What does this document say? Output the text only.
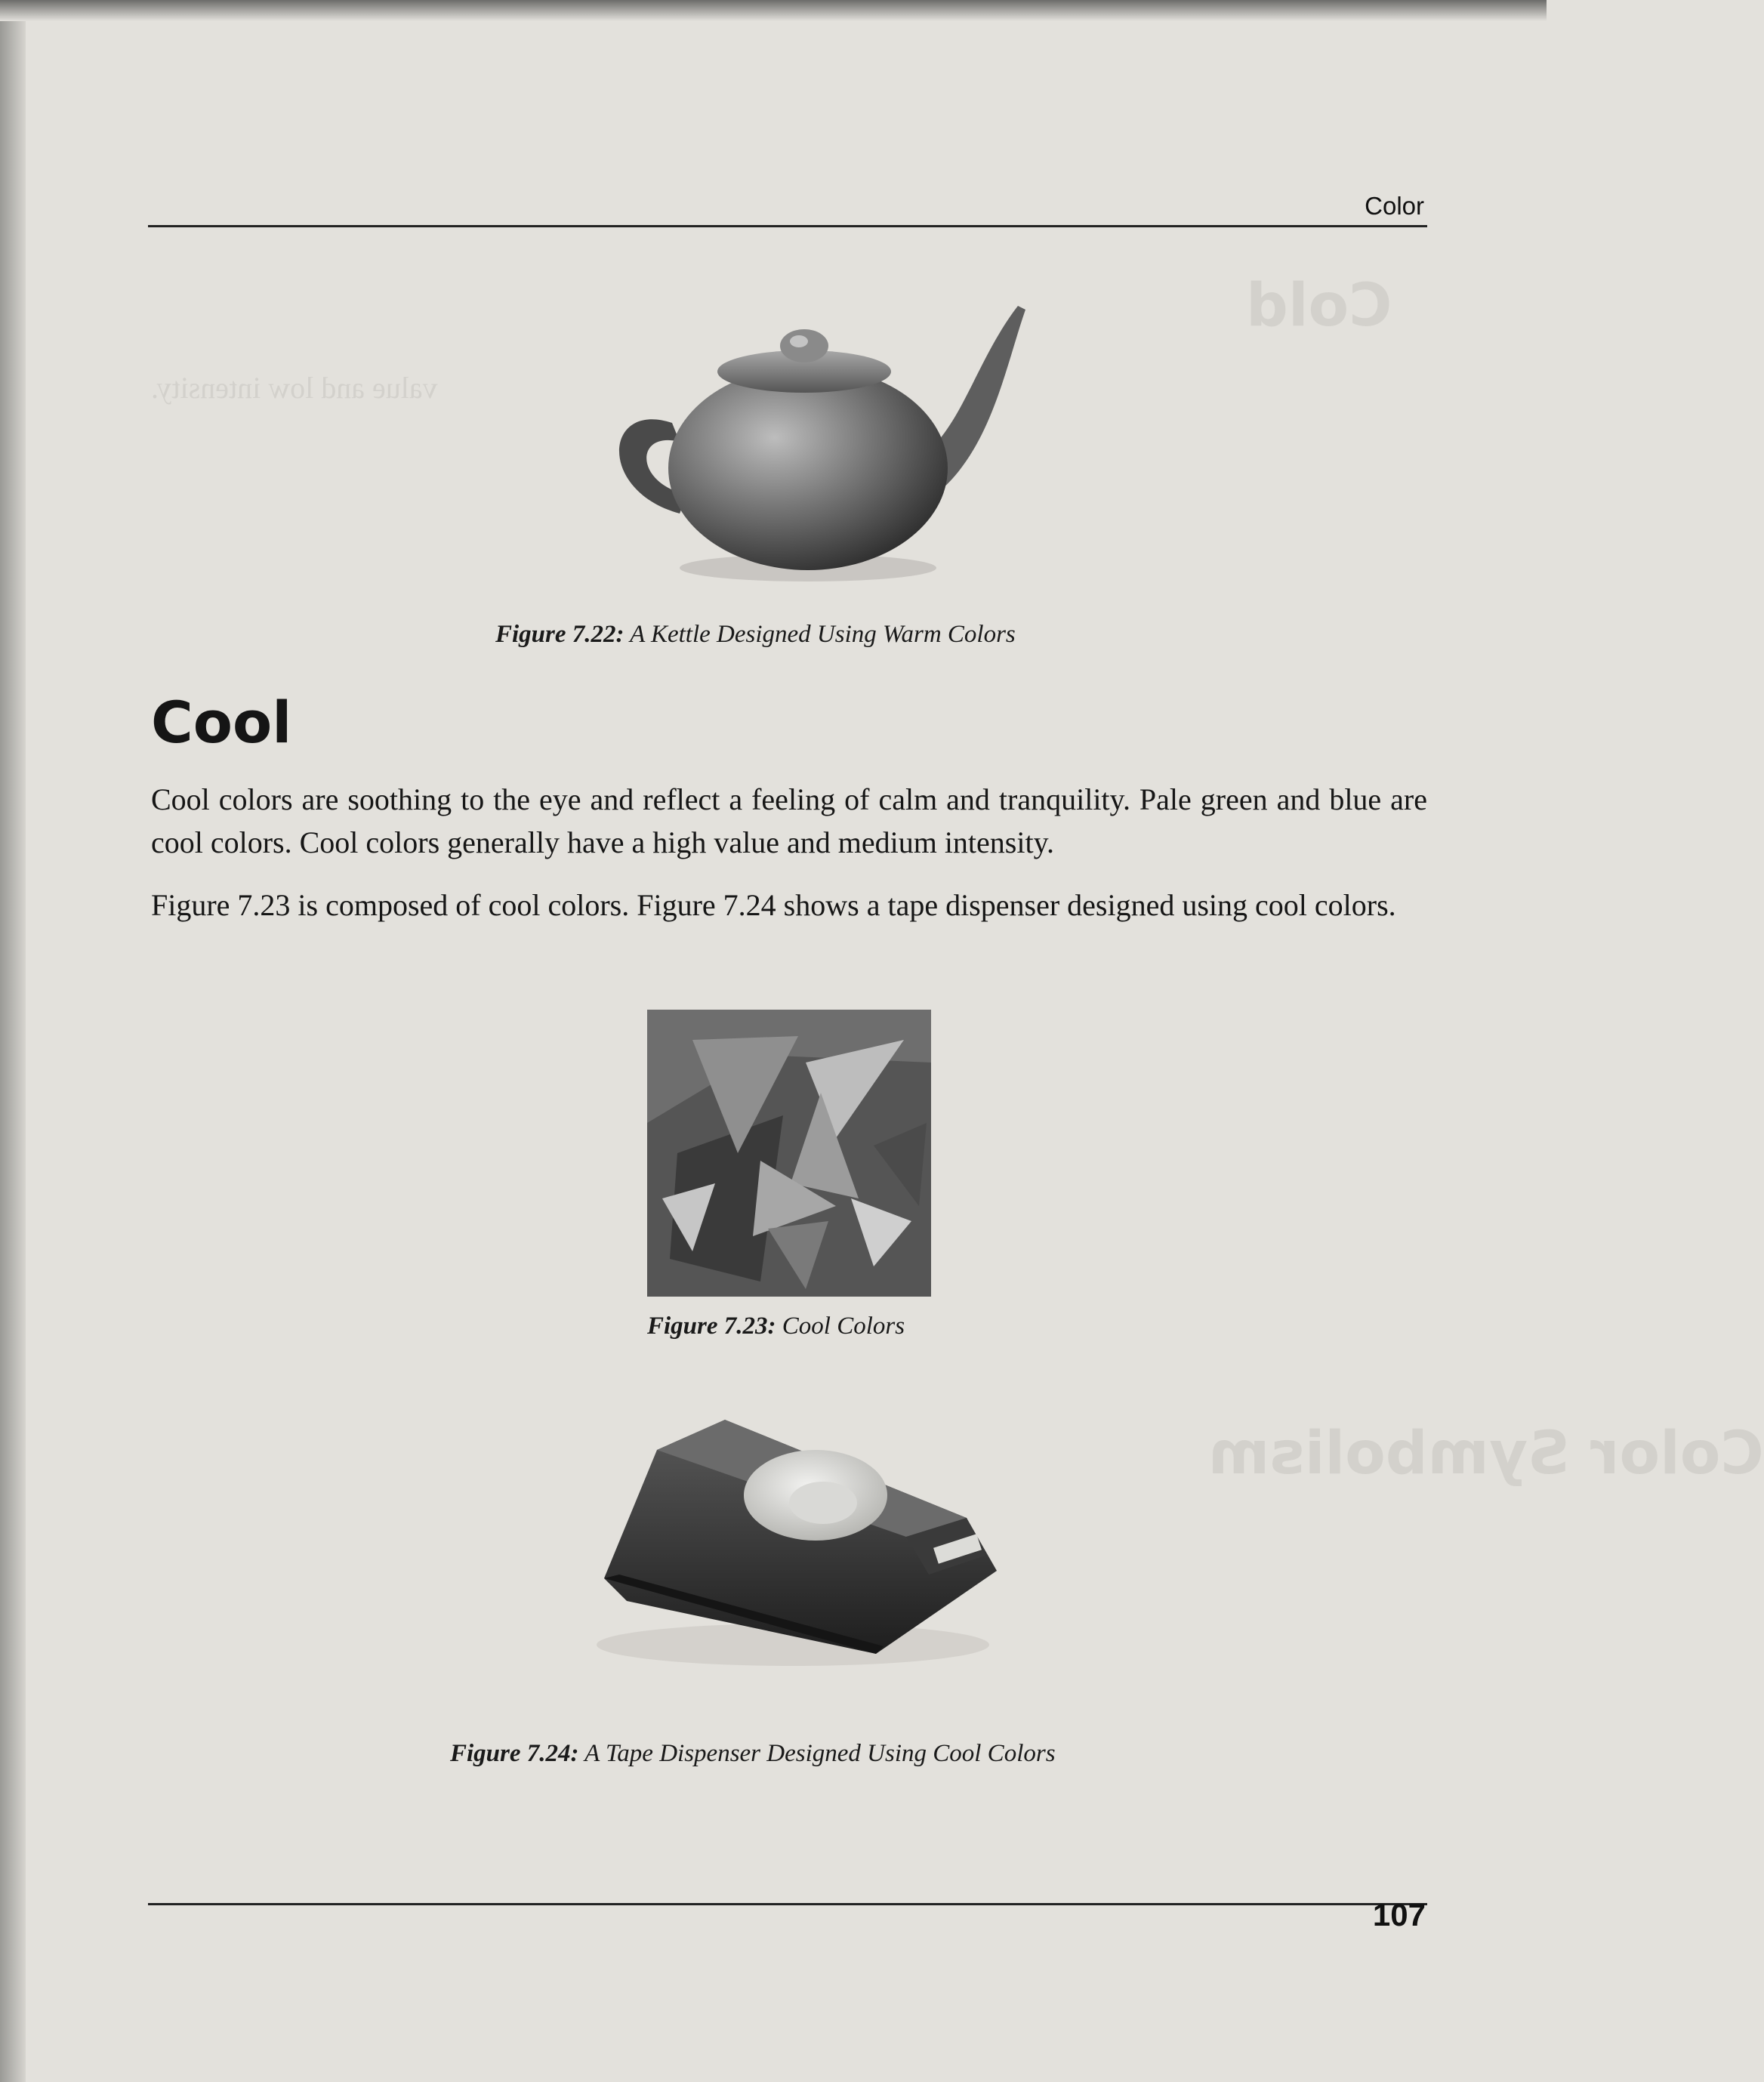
value and low intensity.
Color Symbolism
Cold
Color
Figure 7.22: A Kettle Designed Using Warm Colors
Cool
Cool colors are soothing to the eye and reflect a feeling of calm and tranquility. Pale green and blue are cool colors. Cool colors generally have a high value and medium intensity.
Figure 7.23 is composed of cool colors. Figure 7.24 shows a tape dispenser designed using cool colors.
Figure 7.23: Cool Colors
Figure 7.24: A Tape Dispenser Designed Using Cool Colors
107
